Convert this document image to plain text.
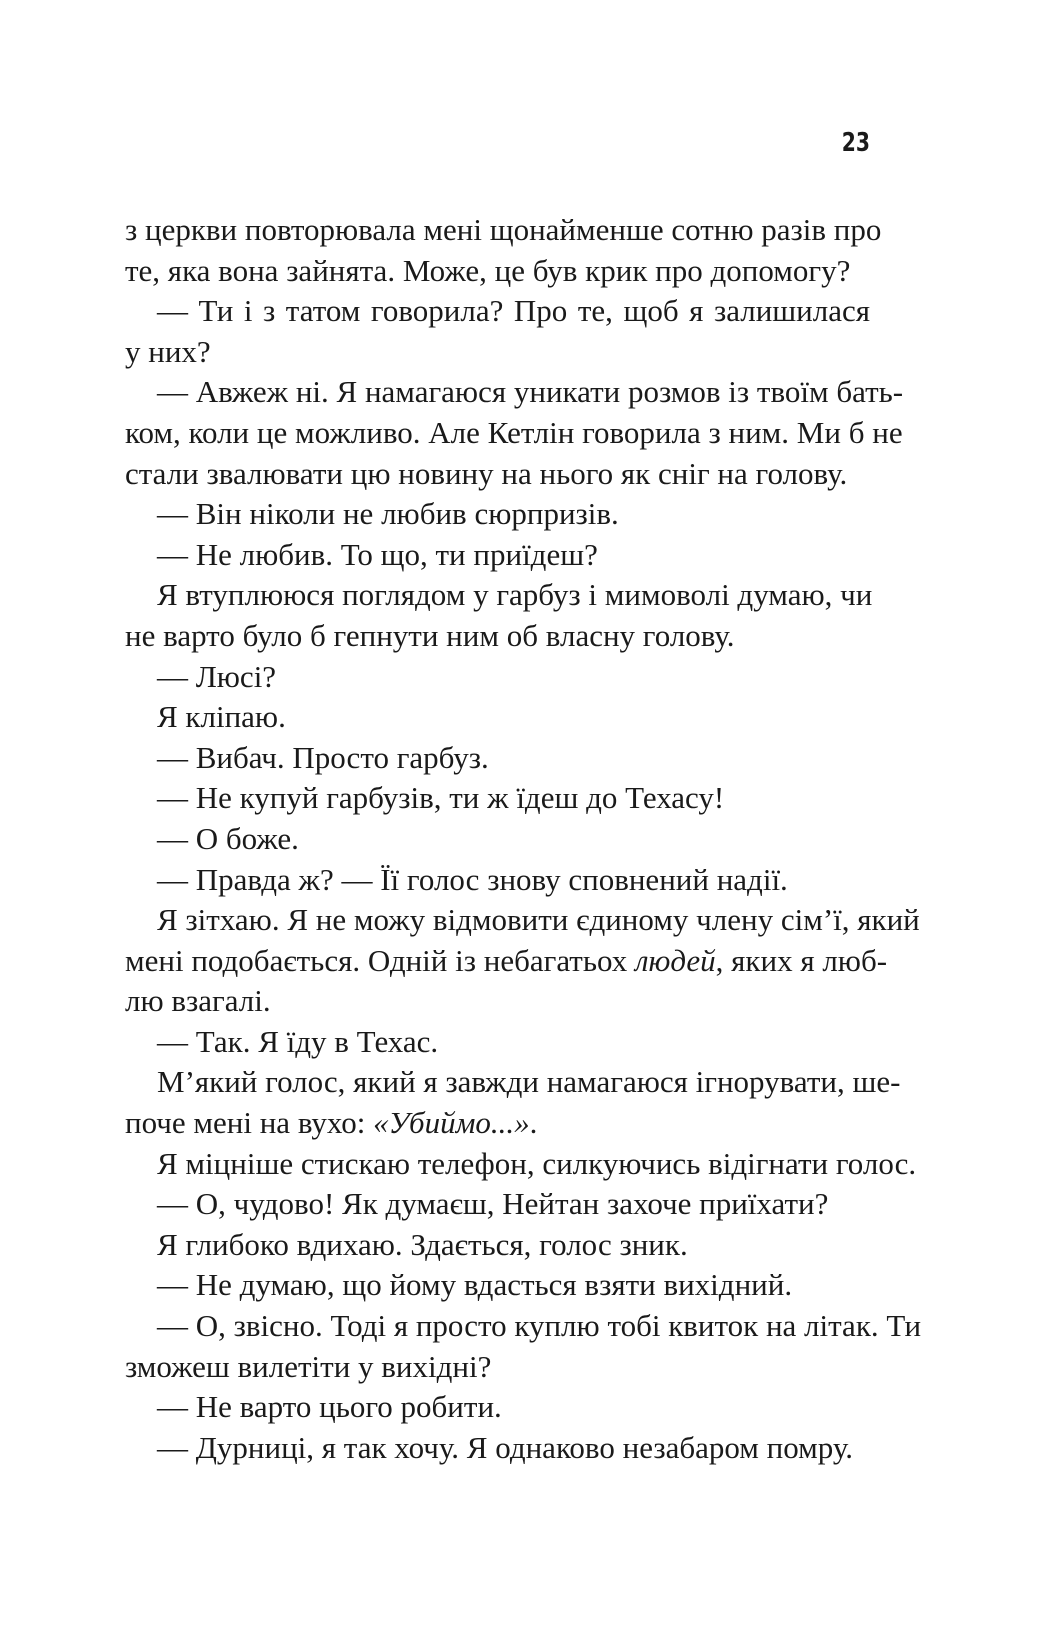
23
з церкви повторювала мені щонайменше сотню разів про
те, яка вона зайнята. Може, це був крик про допомогу?
— Ти і з татом говорила? Про те, щоб я залишилася
у них?
— Авжеж ні. Я намагаюся уникати розмов із твоїм бать-
ком, коли це можливо. Але Кетлін говорила з ним. Ми б не
стали звалювати цю новину на нього як сніг на голову.
— Він ніколи не любив сюрпризів.
— Не любив. То що, ти приїдеш?
Я втуплююся поглядом у гарбуз і мимоволі думаю, чи
не варто було б гепнути ним об власну голову.
— Люсі?
Я кліпаю.
— Вибач. Просто гарбуз.
— Не купуй гарбузів, ти ж їдеш до Техасу!
— О боже.
— Правда ж? — Її голос знову сповнений надії.
Я зітхаю. Я не можу відмовити єдиному члену сім’ї, який
мені подобається. Одній із небагатьох людей, яких я люб-
лю взагалі.
— Так. Я їду в Техас.
М’який голос, який я завжди намагаюся ігнорувати, ше-
поче мені на вухо: «Убиймо...».
Я міцніше стискаю телефон, силкуючись відігнати голос.
— О, чудово! Як думаєш, Нейтан захоче приїхати?
Я глибоко вдихаю. Здається, голос зник.
— Не думаю, що йому вдасться взяти вихідний.
— О, звісно. Тоді я просто куплю тобі квиток на літак. Ти
зможеш вилетіти у вихідні?
— Не варто цього робити.
— Дурниці, я так хочу. Я однаково незабаром помру.
